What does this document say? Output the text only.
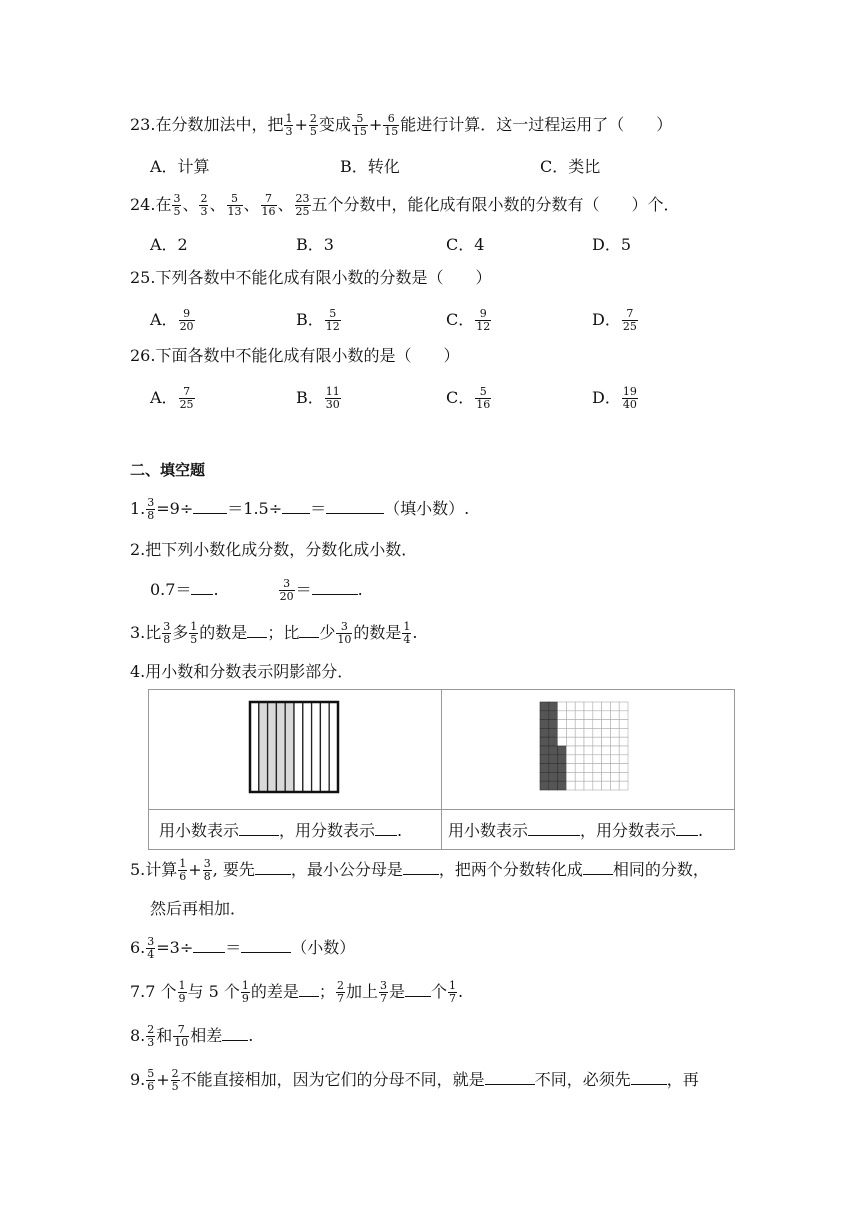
23.在分数加法中，把 $\frac{1}{3} + \frac{2}{5}$ 变成 $\frac{5}{15} + \frac{6}{15}$ 能进行计算．这一过程运用了（　　）
A．计算	B．转化	C．类比
24.在 $\frac{3}{5}$ 、 $\frac{2}{3}$ 、 $\frac{5}{13}$ 、 $\frac{7}{16}$ 、 $\frac{23}{25}$ 五个分数中，能化成有限小数的分数有（　　）个．
A．2	B．3	C．4	D．5
25.下列各数中不能化成有限小数的分数是（　　）
A． $\frac{9}{20}$	B． $\frac{5}{12}$	C． $\frac{9}{12}$	D． $\frac{7}{25}$
26.下面各数中不能化成有限小数的是（　　）
A． $\frac{7}{25}$	B． $\frac{11}{30}$	C． $\frac{5}{16}$	D． $\frac{19}{40}$
二、填空题
1. $\frac{3}{8} =9\div =1.5\div$ ＝	（填小数）.
2.把下列小数化成分数，分数化成小数．
0.7＝ .	$\frac{3}{20}$ ＝	.
3.比 $\frac{3}{8}$ 多 $\frac{1}{5}$ 的数是 ；比 少 $\frac{3}{10}$ 的数是 $\frac{1}{4}$ .
4.用小数和分数表示阴影部分．

用小数表示 ，用分数表示 .	用小数表示 ，用分数表示 .
5.计算 $\frac{1}{6} + \frac{3}{8}$ , 要先 ，最小公分母是 ，把两个分数转化成 相同的分数，
然后再相加．
6. $\frac{3}{4} =3\div$ ＝	（小数）
7.7 个 $\frac{1}{9}$ 与 5 个 $\frac{1}{9}$ 的差是 ； $\frac{2}{7}$ 加上 $\frac{3}{7}$ 是 个 $\frac{1}{7}$ .
8. $\frac{2}{3}$ 和 $\frac{7}{10}$ 相差 .
9. $\frac{5}{6} + \frac{2}{5}$ 不能直接相加，因为它们的分母不同，就是	不同，必须先 ，再
